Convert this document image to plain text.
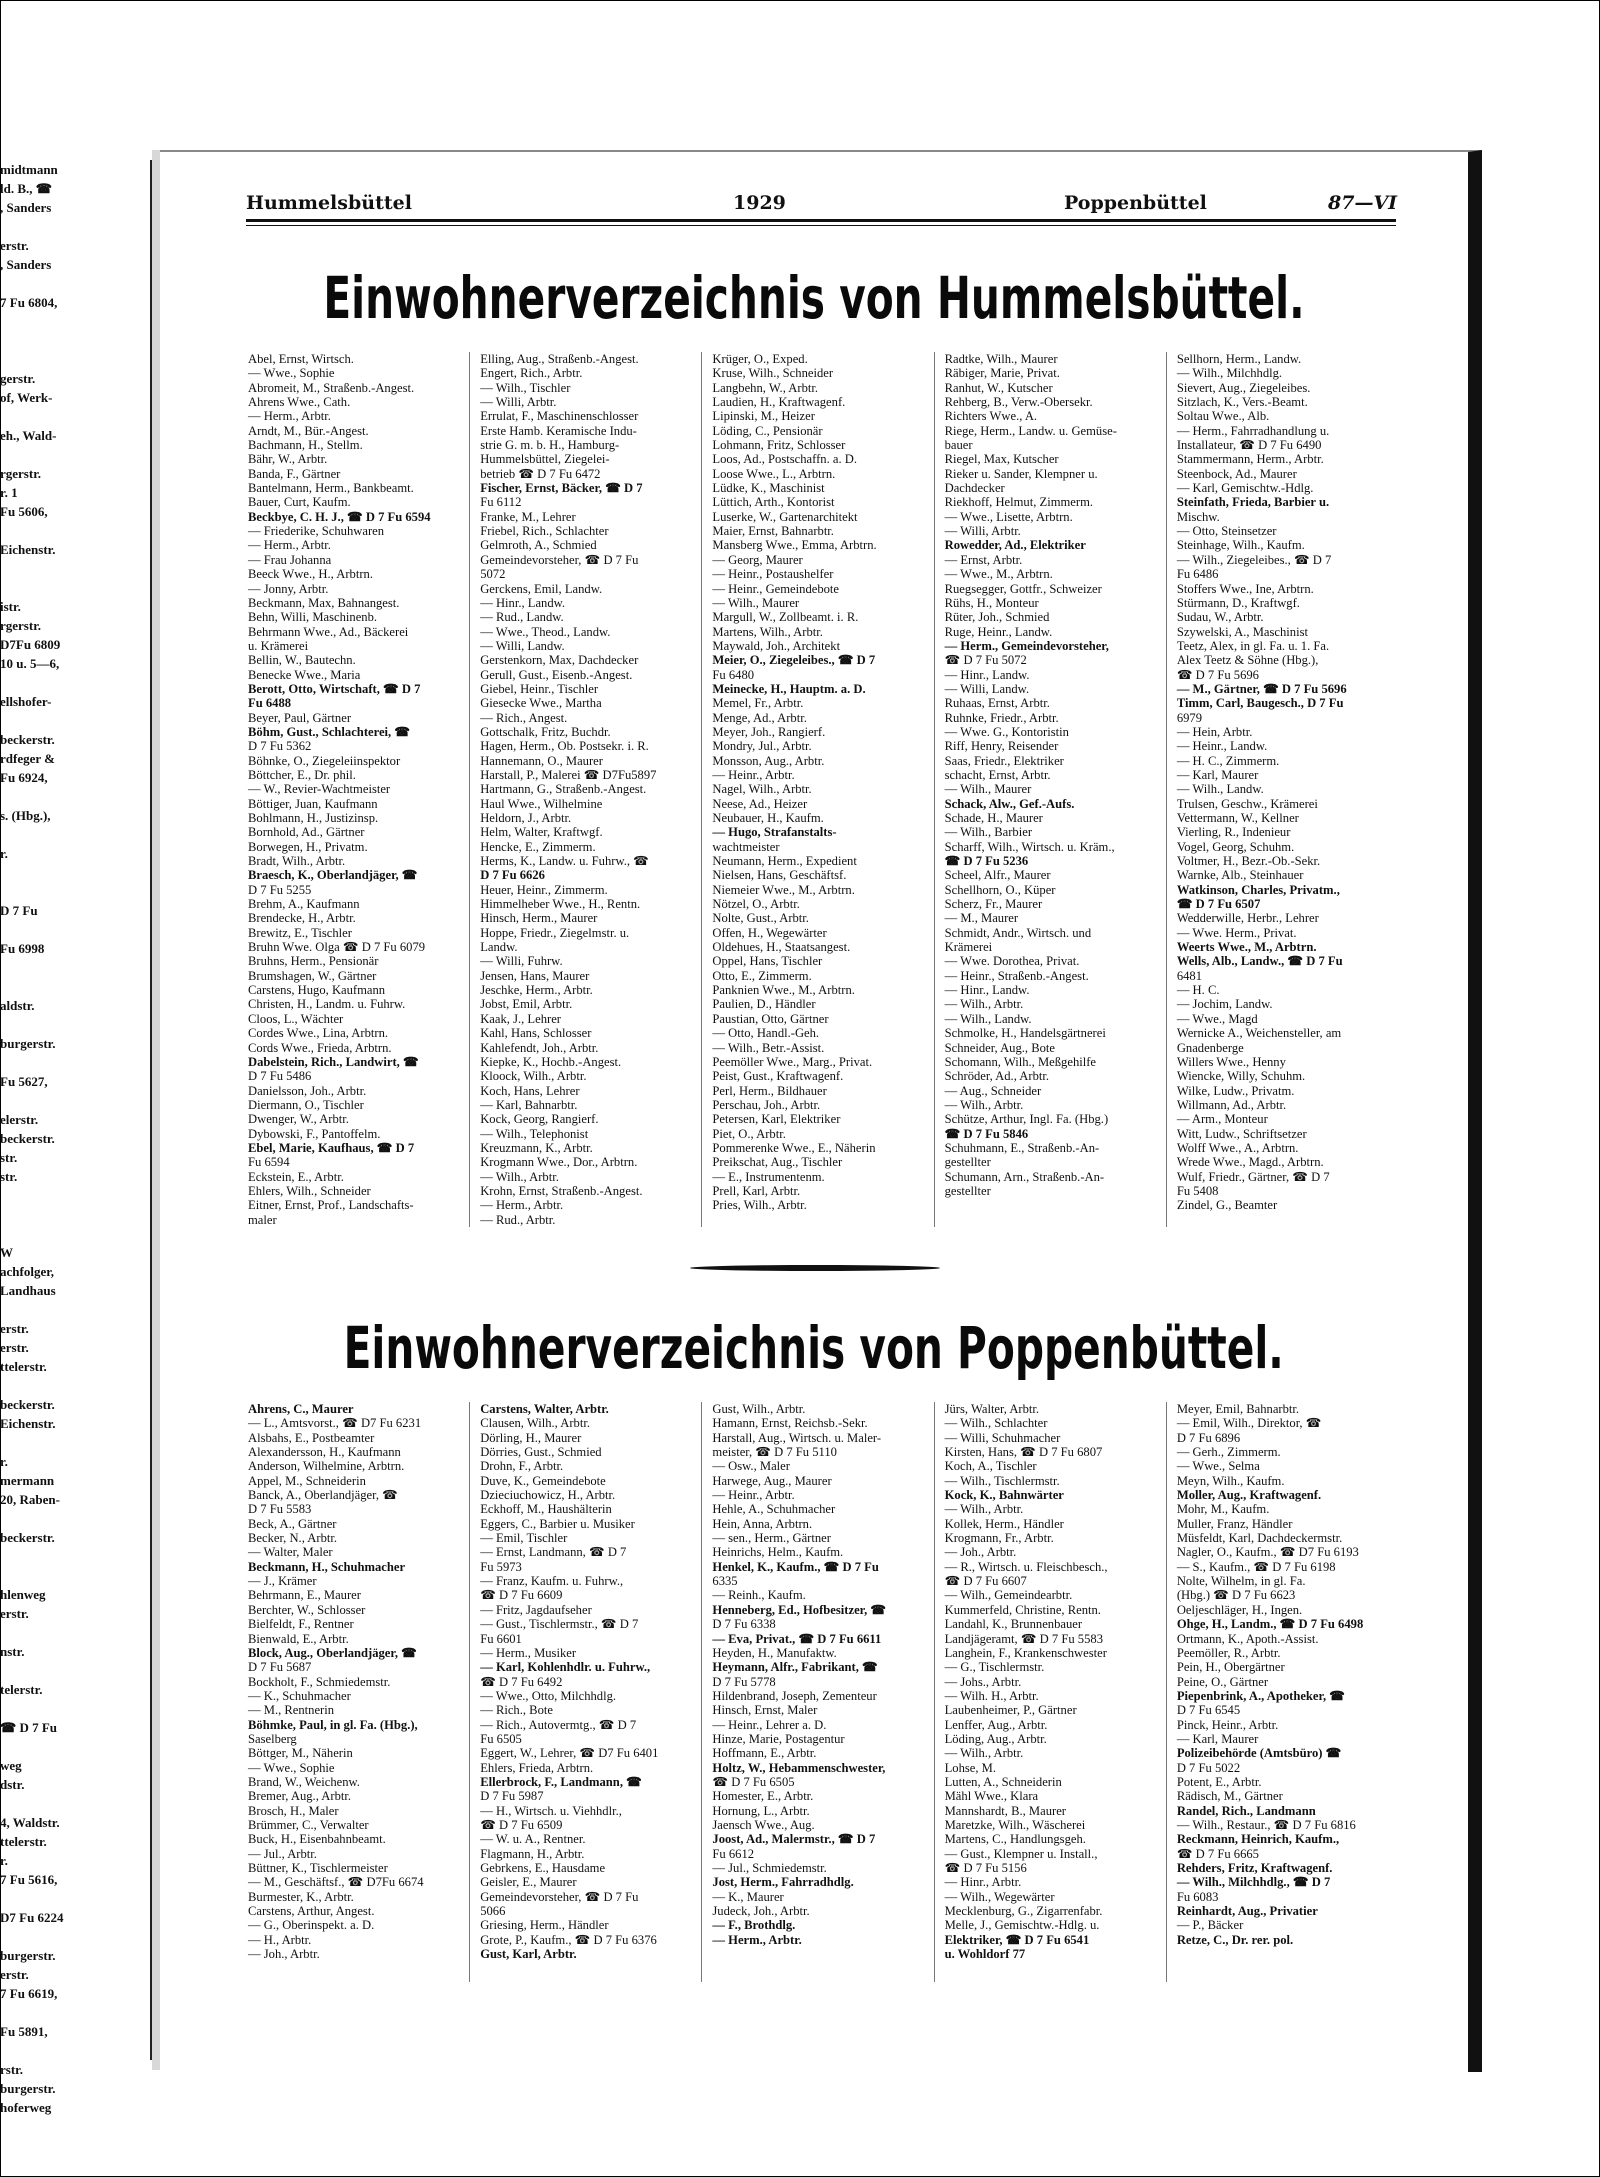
midtmann
ld. B., ☎
, Sanders

erstr.
, Sanders

7 Fu 6804,

gerstr.
of, Werk-

eh., Wald-

rgerstr.
r. 1
Fu 5606,

Eichenstr.

istr.
rgerstr.
D7Fu 6809
10 u. 5—6,

ellshofer-

beckerstr.
rdfeger &
Fu 6924,

s. (Hbg.),

r.

D 7 Fu

Fu 6998

aldstr.

burgerstr.

Fu 5627,

elerstr.
beckerstr.
str.
str.

W
achfolger,
Landhaus

erstr.
erstr.
ttelerstr.

beckerstr.
Eichenstr.

r.
mermann
20, Raben-

beckerstr.

hlenweg
erstr.

nstr.

telerstr.

☎ D 7 Fu

weg
dstr.

4, Waldstr.
ttelerstr.
r.
7 Fu 5616,

D7 Fu 6224

burgerstr.
erstr.
7 Fu 6619,

Fu 5891,

rstr.
burgerstr.
hoferweg
Hummelsbüttel	1929	Poppenbüttel	87—VI
Einwohnerverzeichnis von Hummelsbüttel.
Abel, Ernst, Wirtsch.
— Wwe., Sophie
Abromeit, M., Straßenb.-Angest.
Ahrens Wwe., Cath.
— Herm., Arbtr.
Arndt, M., Bür.-Angest.
Bachmann, H., Stellm.
Bähr, W., Arbtr.
Banda, F., Gärtner
Bantelmann, Herm., Bankbeamt.
Bauer, Curt, Kaufm.
Beckbye, C. H. J., ☎ D 7 Fu 6594
— Friederike, Schuhwaren
— Herm., Arbtr.
— Frau Johanna
Beeck Wwe., H., Arbtrn.
— Jonny, Arbtr.
Beckmann, Max, Bahnangest.
Behn, Willi, Maschinenb.
Behrmann Wwe., Ad., Bäckerei
u. Krämerei
Bellin, W., Bautechn.
Benecke Wwe., Maria
Berott, Otto, Wirtschaft, ☎ D 7
Fu 6488
Beyer, Paul, Gärtner
Böhm, Gust., Schlachterei, ☎
D 7 Fu 5362
Böhnke, O., Ziegeleiinspektor
Böttcher, E., Dr. phil.
— W., Revier-Wachtmeister
Böttiger, Juan, Kaufmann
Bohlmann, H., Justizinsp.
Bornhold, Ad., Gärtner
Borwegen, H., Privatm.
Bradt, Wilh., Arbtr.
Braesch, K., Oberlandjäger, ☎
D 7 Fu 5255
Brehm, A., Kaufmann
Brendecke, H., Arbtr.
Brewitz, E., Tischler
Bruhn Wwe. Olga ☎ D 7 Fu 6079
Bruhns, Herm., Pensionär
Brumshagen, W., Gärtner
Carstens, Hugo, Kaufmann
Christen, H., Landm. u. Fuhrw.
Cloos, L., Wächter
Cordes Wwe., Lina, Arbtrn.
Cords Wwe., Frieda, Arbtrn.
Dabelstein, Rich., Landwirt, ☎
D 7 Fu 5486
Danielsson, Joh., Arbtr.
Diermann, O., Tischler
Dwenger, W., Arbtr.
Dybowski, F., Pantoffelm.
Ebel, Marie, Kaufhaus, ☎ D 7
Fu 6594
Eckstein, E., Arbtr.
Ehlers, Wilh., Schneider
Eitner, Ernst, Prof., Landschafts-
maler
Elling, Aug., Straßenb.-Angest.
Engert, Rich., Arbtr.
— Wilh., Tischler
— Willi, Arbtr.
Errulat, F., Maschinenschlosser
Erste Hamb. Keramische Indu-
strie G. m. b. H., Hamburg-
Hummelsbüttel, Ziegelei-
betrieb ☎ D 7 Fu 6472
Fischer, Ernst, Bäcker, ☎ D 7
Fu 6112
Franke, M., Lehrer
Friebel, Rich., Schlachter
Gelmroth, A., Schmied
Gemeindevorsteher, ☎ D 7 Fu
5072
Gerckens, Emil, Landw.
— Hinr., Landw.
— Rud., Landw.
— Wwe., Theod., Landw.
— Willi, Landw.
Gerstenkorn, Max, Dachdecker
Gerull, Gust., Eisenb.-Angest.
Giebel, Heinr., Tischler
Giesecke Wwe., Martha
— Rich., Angest.
Gottschalk, Fritz, Buchdr.
Hagen, Herm., Ob. Postsekr. i. R.
Hannemann, O., Maurer
Harstall, P., Malerei ☎ D7Fu5897
Hartmann, G., Straßenb.-Angest.
Haul Wwe., Wilhelmine
Heldorn, J., Arbtr.
Helm, Walter, Kraftwgf.
Hencke, E., Zimmerm.
Herms, K., Landw. u. Fuhrw., ☎
D 7 Fu 6626
Heuer, Heinr., Zimmerm.
Himmelheber Wwe., H., Rentn.
Hinsch, Herm., Maurer
Hoppe, Friedr., Ziegelmstr. u.
Landw.
— Willi, Fuhrw.
Jensen, Hans, Maurer
Jeschke, Herm., Arbtr.
Jobst, Emil, Arbtr.
Kaak, J., Lehrer
Kahl, Hans, Schlosser
Kahlefendt, Joh., Arbtr.
Kiepke, K., Hochb.-Angest.
Kloock, Wilh., Arbtr.
Koch, Hans, Lehrer
— Karl, Bahnarbtr.
Kock, Georg, Rangierf.
— Wilh., Telephonist
Kreuzmann, K., Arbtr.
Krogmann Wwe., Dor., Arbtrn.
— Wilh., Arbtr.
Krohn, Ernst, Straßenb.-Angest.
— Herm., Arbtr.
— Rud., Arbtr.
Krüger, O., Exped.
Kruse, Wilh., Schneider
Langbehn, W., Arbtr.
Laudien, H., Kraftwagenf.
Lipinski, M., Heizer
Löding, C., Pensionär
Lohmann, Fritz, Schlosser
Loos, Ad., Postschaffn. a. D.
Loose Wwe., L., Arbtrn.
Lüdke, K., Maschinist
Lüttich, Arth., Kontorist
Luserke, W., Gartenarchitekt
Maier, Ernst, Bahnarbtr.
Mansberg Wwe., Emma, Arbtrn.
— Georg, Maurer
— Heinr., Postaushelfer
— Heinr., Gemeindebote
— Wilh., Maurer
Margull, W., Zollbeamt. i. R.
Martens, Wilh., Arbtr.
Maywald, Joh., Architekt
Meier, O., Ziegeleibes., ☎ D 7
Fu 6480
Meinecke, H., Hauptm. a. D.
Memel, Fr., Arbtr.
Menge, Ad., Arbtr.
Meyer, Joh., Rangierf.
Mondry, Jul., Arbtr.
Monsson, Aug., Arbtr.
— Heinr., Arbtr.
Nagel, Wilh., Arbtr.
Neese, Ad., Heizer
Neubauer, H., Kaufm.
— Hugo, Strafanstalts-
wachtmeister
Neumann, Herm., Expedient
Nielsen, Hans, Geschäftsf.
Niemeier Wwe., M., Arbtrn.
Nötzel, O., Arbtr.
Nolte, Gust., Arbtr.
Offen, H., Wegewärter
Oldehues, H., Staatsangest.
Oppel, Hans, Tischler
Otto, E., Zimmerm.
Panknien Wwe., M., Arbtrn.
Paulien, D., Händler
Paustian, Otto, Gärtner
— Otto, Handl.-Geh.
— Wilh., Betr.-Assist.
Peemöller Wwe., Marg., Privat.
Peist, Gust., Kraftwagenf.
Perl, Herm., Bildhauer
Perschau, Joh., Arbtr.
Petersen, Karl, Elektriker
Piet, O., Arbtr.
Pommerenke Wwe., E., Näherin
Preikschat, Aug., Tischler
— E., Instrumentenm.
Prell, Karl, Arbtr.
Pries, Wilh., Arbtr.
Radtke, Wilh., Maurer
Räbiger, Marie, Privat.
Ranhut, W., Kutscher
Rehberg, B., Verw.-Obersekr.
Richters Wwe., A.
Riege, Herm., Landw. u. Gemüse-
bauer
Riegel, Max, Kutscher
Rieker u. Sander, Klempner u.
Dachdecker
Riekhoff, Helmut, Zimmerm.
— Wwe., Lisette, Arbtrn.
— Willi, Arbtr.
Rowedder, Ad., Elektriker
— Ernst, Arbtr.
— Wwe., M., Arbtrn.
Ruegsegger, Gottfr., Schweizer
Rühs, H., Monteur
Rüter, Joh., Schmied
Ruge, Heinr., Landw.
— Herm., Gemeindevorsteher,
☎ D 7 Fu 5072
— Hinr., Landw.
— Willi, Landw.
Ruhaas, Ernst, Arbtr.
Ruhnke, Friedr., Arbtr.
— Wwe. G., Kontoristin
Riff, Henry, Reisender
Saas, Friedr., Elektriker
schacht, Ernst, Arbtr.
— Wilh., Maurer
Schack, Alw., Gef.-Aufs.
Schade, H., Maurer
— Wilh., Barbier
Scharff, Wilh., Wirtsch. u. Kräm.,
☎ D 7 Fu 5236
Scheel, Alfr., Maurer
Schellhorn, O., Küper
Scherz, Fr., Maurer
— M., Maurer
Schmidt, Andr., Wirtsch. und
Krämerei
— Wwe. Dorothea, Privat.
— Heinr., Straßenb.-Angest.
— Hinr., Landw.
— Wilh., Arbtr.
— Wilh., Landw.
Schmolke, H., Handelsgärtnerei
Schneider, Aug., Bote
Schomann, Wilh., Meßgehilfe
Schröder, Ad., Arbtr.
— Aug., Schneider
— Wilh., Arbtr.
Schütze, Arthur, Ingl. Fa. (Hbg.)
☎ D 7 Fu 5846
Schuhmann, E., Straßenb.-An-
gestellter
Schumann, Arn., Straßenb.-An-
gestellter
Sellhorn, Herm., Landw.
— Wilh., Milchhdlg.
Sievert, Aug., Ziegeleibes.
Sitzlach, K., Vers.-Beamt.
Soltau Wwe., Alb.
— Herm., Fahrradhandlung u.
Installateur, ☎ D 7 Fu 6490
Stammermann, Herm., Arbtr.
Steenbock, Ad., Maurer
— Karl, Gemischtw.-Hdlg.
Steinfath, Frieda, Barbier u.
Mischw.
— Otto, Steinsetzer
Steinhage, Wilh., Kaufm.
— Wilh., Ziegeleibes., ☎ D 7
Fu 6486
Stoffers Wwe., Ine, Arbtrn.
Stürmann, D., Kraftwgf.
Sudau, W., Arbtr.
Szywelski, A., Maschinist
Teetz, Alex, in gl. Fa. u. 1. Fa.
Alex Teetz & Söhne (Hbg.),
☎ D 7 Fu 5696
— M., Gärtner, ☎ D 7 Fu 5696
Timm, Carl, Baugesch., D 7 Fu
6979
— Hein, Arbtr.
— Heinr., Landw.
— H. C., Zimmerm.
— Karl, Maurer
— Wilh., Landw.
Trulsen, Geschw., Krämerei
Vettermann, W., Kellner
Vierling, R., Indenieur
Vogel, Georg, Schuhm.
Voltmer, H., Bezr.-Ob.-Sekr.
Warnke, Alb., Steinhauer
Watkinson, Charles, Privatm.,
☎ D 7 Fu 6507
Wedderwille, Herbr., Lehrer
— Wwe. Herm., Privat.
Weerts Wwe., M., Arbtrn.
Wells, Alb., Landw., ☎ D 7 Fu
6481
— H. C.
— Jochim, Landw.
— Wwe., Magd
Wernicke A., Weichensteller, am
Gnadenberge
Willers Wwe., Henny
Wiencke, Willy, Schuhm.
Wilke, Ludw., Privatm.
Willmann, Ad., Arbtr.
— Arm., Monteur
Witt, Ludw., Schriftsetzer
Wolff Wwe., A., Arbtrn.
Wrede Wwe., Magd., Arbtrn.
Wulf, Friedr., Gärtner, ☎ D 7
Fu 5408
Zindel, G., Beamter
Einwohnerverzeichnis von Poppenbüttel.
Ahrens, C., Maurer
— L., Amtsvorst., ☎ D7 Fu 6231
Alsbahs, E., Postbeamter
Alexandersson, H., Kaufmann
Anderson, Wilhelmine, Arbtrn.
Appel, M., Schneiderin
Banck, A., Oberlandjäger, ☎
D 7 Fu 5583
Beck, A., Gärtner
Becker, N., Arbtr.
— Walter, Maler
Beckmann, H., Schuhmacher
— J., Krämer
Behrmann, E., Maurer
Berchter, W., Schlosser
Bielfeldt, F., Rentner
Bienwald, E., Arbtr.
Block, Aug., Oberlandjäger, ☎
D 7 Fu 5687
Bockholt, F., Schmiedemstr.
— K., Schuhmacher
— M., Rentnerin
Böhmke, Paul, in gl. Fa. (Hbg.),
Saselberg
Böttger, M., Näherin
— Wwe., Sophie
Brand, W., Weichenw.
Bremer, Aug., Arbtr.
Brosch, H., Maler
Brümmer, C., Verwalter
Buck, H., Eisenbahnbeamt.
— Jul., Arbtr.
Büttner, K., Tischlermeister
— M., Geschäftsf., ☎ D7Fu 6674
Burmester, K., Arbtr.
Carstens, Arthur, Angest.
— G., Oberinspekt. a. D.
— H., Arbtr.
— Joh., Arbtr.
Carstens, Walter, Arbtr.
Clausen, Wilh., Arbtr.
Dörling, H., Maurer
Dörries, Gust., Schmied
Drohn, F., Arbtr.
Duve, K., Gemeindebote
Dzieciuchowicz, H., Arbtr.
Eckhoff, M., Haushälterin
Eggers, C., Barbier u. Musiker
— Emil, Tischler
— Ernst, Landmann, ☎ D 7
Fu 5973
— Franz, Kaufm. u. Fuhrw.,
☎ D 7 Fu 6609
— Fritz, Jagdaufseher
— Gust., Tischlermstr., ☎ D 7
Fu 6601
— Herm., Musiker
— Karl, Kohlenhdlr. u. Fuhrw.,
☎ D 7 Fu 6492
— Wwe., Otto, Milchhdlg.
— Rich., Bote
— Rich., Autovermtg., ☎ D 7
Fu 6505
Eggert, W., Lehrer, ☎ D7 Fu 6401
Ehlers, Frieda, Arbtrn.
Ellerbrock, F., Landmann, ☎
D 7 Fu 5987
— H., Wirtsch. u. Viehhdlr.,
☎ D 7 Fu 6509
— W. u. A., Rentner.
Flagmann, H., Arbtr.
Gebrkens, E., Hausdame
Geisler, E., Maurer
Gemeindevorsteher, ☎ D 7 Fu
5066
Griesing, Herm., Händler
Grote, P., Kaufm., ☎ D 7 Fu 6376
Gust, Karl, Arbtr.
Gust, Wilh., Arbtr.
Hamann, Ernst, Reichsb.-Sekr.
Harstall, Aug., Wirtsch. u. Maler-
meister, ☎ D 7 Fu 5110
— Osw., Maler
Harwege, Aug., Maurer
— Heinr., Arbtr.
Hehle, A., Schuhmacher
Hein, Anna, Arbtrn.
— sen., Herm., Gärtner
Heinrichs, Helm., Kaufm.
Henkel, K., Kaufm., ☎ D 7 Fu
6335
— Reinh., Kaufm.
Henneberg, Ed., Hofbesitzer, ☎
D 7 Fu 6338
— Eva, Privat., ☎ D 7 Fu 6611
Heyden, H., Manufaktw.
Heymann, Alfr., Fabrikant, ☎
D 7 Fu 5778
Hildenbrand, Joseph, Zementeur
Hinsch, Ernst, Maler
— Heinr., Lehrer a. D.
Hinze, Marie, Postagentur
Hoffmann, E., Arbtr.
Holtz, W., Hebammenschwester,
☎ D 7 Fu 6505
Homester, E., Arbtr.
Hornung, L., Arbtr.
Jaensch Wwe., Aug.
Joost, Ad., Malermstr., ☎ D 7
Fu 6612
— Jul., Schmiedemstr.
Jost, Herm., Fahrradhdlg.
— K., Maurer
Judeck, Joh., Arbtr.
— F., Brothdlg.
— Herm., Arbtr.
Jürs, Walter, Arbtr.
— Wilh., Schlachter
— Willi, Schuhmacher
Kirsten, Hans, ☎ D 7 Fu 6807
Koch, A., Tischler
— Wilh., Tischlermstr.
Kock, K., Bahnwärter
— Wilh., Arbtr.
Kollek, Herm., Händler
Krogmann, Fr., Arbtr.
— Joh., Arbtr.
— R., Wirtsch. u. Fleischbesch.,
☎ D 7 Fu 6607
— Wilh., Gemeindearbtr.
Kummerfeld, Christine, Rentn.
Landahl, K., Brunnenbauer
Landjägeramt, ☎ D 7 Fu 5583
Langhein, F., Krankenschwester
— G., Tischlermstr.
— Johs., Arbtr.
— Wilh. H., Arbtr.
Laubenheimer, P., Gärtner
Lenffer, Aug., Arbtr.
Löding, Aug., Arbtr.
— Wilh., Arbtr.
Lohse, M.
Lutten, A., Schneiderin
Mähl Wwe., Klara
Mannshardt, B., Maurer
Maretzke, Wilh., Wäscherei
Martens, C., Handlungsgeh.
— Gust., Klempner u. Install.,
☎ D 7 Fu 5156
— Hinr., Arbtr.
— Wilh., Wegewärter
Mecklenburg, G., Zigarrenfabr.
Melle, J., Gemischtw.-Hdlg. u.
Elektriker, ☎ D 7 Fu 6541
u. Wohldorf 77
Meyer, Emil, Bahnarbtr.
— Emil, Wilh., Direktor, ☎
D 7 Fu 6896
— Gerh., Zimmerm.
— Wwe., Selma
Meyn, Wilh., Kaufm.
Moller, Aug., Kraftwagenf.
Mohr, M., Kaufm.
Muller, Franz, Händler
Müsfeldt, Karl, Dachdeckermstr.
Nagler, O., Kaufm., ☎ D7 Fu 6193
— S., Kaufm., ☎ D 7 Fu 6198
Nolte, Wilhelm, in gl. Fa.
(Hbg.) ☎ D 7 Fu 6623
Oeljeschläger, H., Ingen.
Ohge, H., Landm., ☎ D 7 Fu 6498
Ortmann, K., Apoth.-Assist.
Peemöller, R., Arbtr.
Pein, H., Obergärtner
Peine, O., Gärtner
Piepenbrink, A., Apotheker, ☎
D 7 Fu 6545
Pinck, Heinr., Arbtr.
— Karl, Maurer
Polizeibehörde (Amtsbüro) ☎
D 7 Fu 5022
Potent, E., Arbtr.
Rädisch, M., Gärtner
Randel, Rich., Landmann
— Wilh., Restaur., ☎ D 7 Fu 6816
Reckmann, Heinrich, Kaufm.,
☎ D 7 Fu 6665
Rehders, Fritz, Kraftwagenf.
— Wilh., Milchhdlg., ☎ D 7
Fu 6083
Reinhardt, Aug., Privatier
— P., Bäcker
Retze, C., Dr. rer. pol.
